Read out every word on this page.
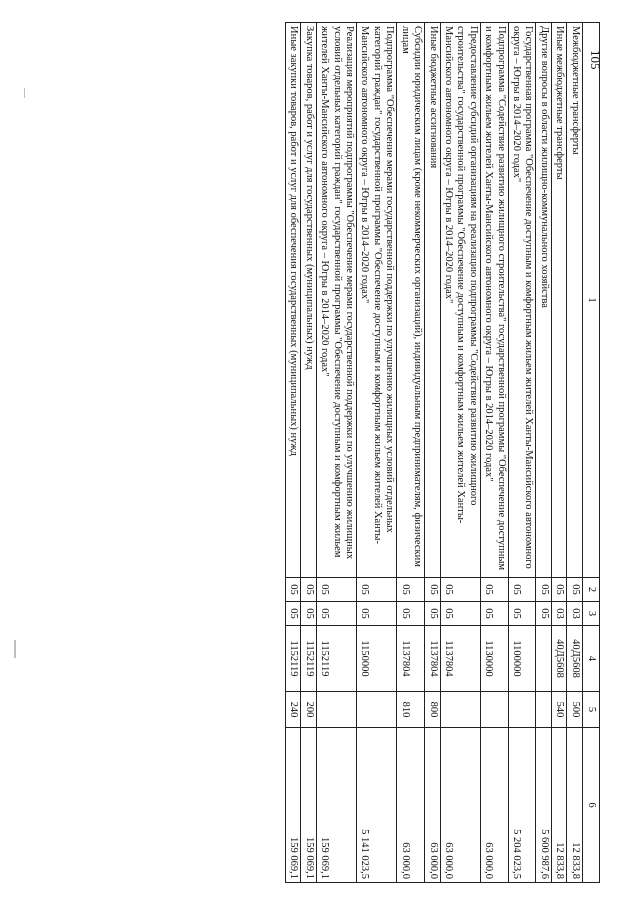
105
1	2	3	4	5	6
Межбюджетные трансферты	05	03	40Д5608	500	12 833,8
Иные межбюджетные трансферты	05	03	40Д5608	540	12 833,8
Другие вопросы в области жилищно-коммунального хозяйства	05	05			5 600 987,6
Государственная программа "Обеспечение доступным и комфортным жильем жителей Ханты-Мансийского автономного округа – Югры в 2014–2020 годах"	05	05	1100000		5 204 023,5
Подпрограмма "Содействие развитию жилищного строительства" государственной программы "Обеспечение доступным и комфортным жильем жителей Ханты-Мансийского автономного округа – Югры в 2014–2020 годах"	05	05	1130000		63 000,0
Предоставление субсидий организациям на реализацию подпрограммы "Содействие развитию жилищного строительства" государственной программы "Обеспечение доступным и комфортным жильем жителей Ханты-Мансийского автономного округа – Югры в 2014–2020 годах"	05	05	1137804		63 000,0
Иные бюджетные ассигнования	05	05	1137804	800	63 000,0
Субсидии юридическим лицам (кроме некоммерческих организаций), индивидуальным предпринимателям, физическим лицам	05	05	1137804	810	63 000,0
Подпрограмма "Обеспечение мерами государственной поддержки по улучшению жилищных условий отдельных категорий граждан" государственной программы "Обеспечение доступным и комфортным жильем жителей Ханты-Мансийского автономного округа – Югры в 2014–2020 годах"	05	05	1150000		5 141 023,5
Реализация мероприятий подпрограммы "Обеспечение мерами государственной поддержки по улучшению жилищных условий отдельных категорий граждан" государственной программы "Обеспечение доступным и комфортным жильем жителей Ханты-Мансийского автономного округа – Югры в 2014–2020 годах"	05	05	1152119		159 069,1
Закупка товаров, работ и услуг для государственных (муниципальных) нужд	05	05	1152119	200	159 069,1
Иные закупки товаров, работ и услуг для обеспечения государственных (муниципальных) нужд	05	05	1152119	240	159 069,1
